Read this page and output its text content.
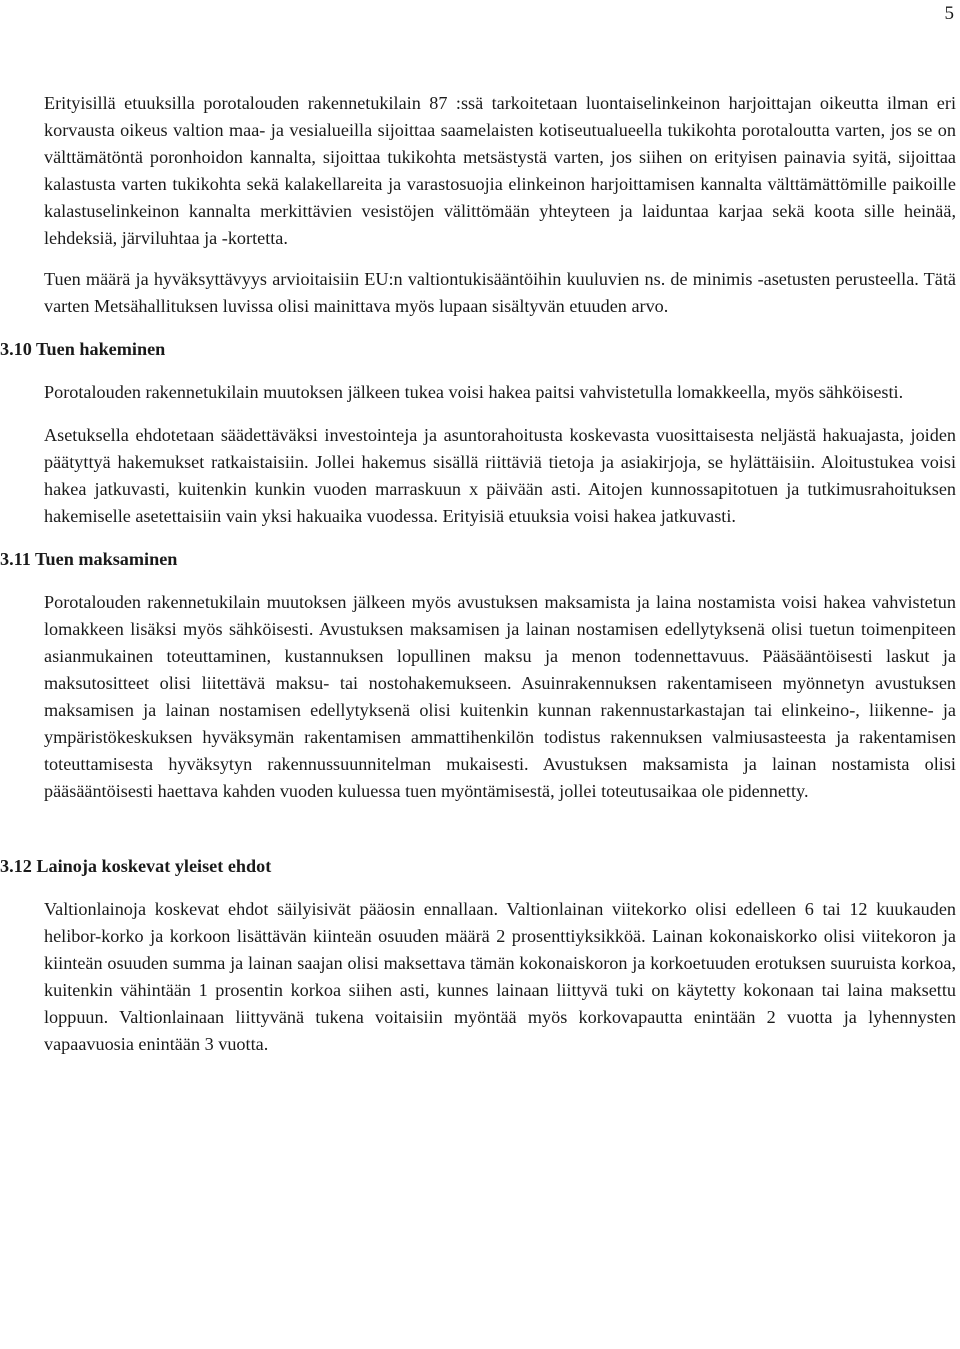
5

Erityisillä etuuksilla porotalouden rakennetukilain 87 :ssä tarkoitetaan luontaiselinkeinon harjoittajan oikeutta ilman eri korvausta oikeus valtion maa- ja vesialueilla sijoittaa saamelaisten kotiseutualueella tukikohta porotaloutta varten, jos se on välttämätöntä poronhoidon kannalta, sijoittaa tukikohta metsästystä varten, jos siihen on erityisen painavia syitä, sijoittaa kalastusta varten tukikohta sekä kalakellareita ja varastosuojia elinkeinon harjoittamisen kannalta välttämättömille paikoille kalastuselinkeinon kannalta merkittävien vesistöjen välittömään yhteyteen ja laiduntaa karjaa sekä koota sille heinää, lehdeksiä, järviluhtaa ja -kortetta.

Tuen määrä ja hyväksyttävyys arvioitaisiin EU:n valtiontukisääntöihin kuuluvien ns. de minimis -asetusten perusteella. Tätä varten Metsähallituksen luvissa olisi mainittava myös lupaan sisältyvän etuuden arvo.

3.10 Tuen hakeminen

Porotalouden rakennetukilain muutoksen jälkeen tukea voisi hakea paitsi vahvistetulla lomakkeella, myös sähköisesti.

Asetuksella ehdotetaan säädettäväksi investointeja ja asuntorahoitusta koskevasta vuosittaisesta neljästä hakuajasta, joiden päätyttyä hakemukset ratkaistaisiin. Jollei hakemus sisällä riittäviä tietoja ja asiakirjoja, se hylättäisiin. Aloitustukea voisi hakea jatkuvasti, kuitenkin kunkin vuoden marraskuun x päivään asti. Aitojen kunnossapitotuen ja tutkimusrahoituksen hakemiselle asetettaisiin vain yksi hakuaika vuodessa. Erityisiä etuuksia voisi hakea jatkuvasti.

3.11 Tuen maksaminen

Porotalouden rakennetukilain muutoksen jälkeen myös avustuksen maksamista ja laina nostamista voisi hakea vahvistetun lomakkeen lisäksi myös sähköisesti. Avustuksen maksamisen ja lainan nostamisen edellytyksenä olisi tuetun toimenpiteen asianmukainen toteuttaminen, kustannuksen lopullinen maksu ja menon todennettavuus. Pääsääntöisesti laskut ja maksutositteet olisi liitettävä maksu- tai nostohakemukseen. Asuinrakennuksen rakentamiseen myönnetyn avustuksen maksamisen ja lainan nostamisen edellytyksenä olisi kuitenkin kunnan rakennustarkastajan tai elinkeino-, liikenne- ja ympäristökeskuksen hyväksymän rakentamisen ammattihenkilön todistus rakennuksen valmiusasteesta ja rakentamisen toteuttamisesta hyväksytyn rakennussuunnitelman mukaisesti. Avustuksen maksamista ja lainan nostamista olisi pääsääntöisesti haettava kahden vuoden kuluessa tuen myöntämisestä, jollei toteutusaikaa ole pidennetty.

3.12 Lainoja koskevat yleiset ehdot

Valtionlainoja koskevat ehdot säilyisivät pääosin ennallaan. Valtionlainan viitekorko olisi edelleen 6 tai 12 kuukauden helibor-korko ja korkoon lisättävän kiinteän osuuden määrä 2 prosenttiyksikköä. Lainan kokonaiskorko olisi viitekoron ja kiinteän osuuden summa ja lainan saajan olisi maksettava tämän kokonaiskoron ja korkoetuuden erotuksen suuruista korkoa, kuitenkin vähintään 1 prosentin korkoa siihen asti, kunnes lainaan liittyvä tuki on käytetty kokonaan tai laina maksettu loppuun. Valtionlainaan liittyvänä tukena voitaisiin myöntää myös korkovapautta enintään 2 vuotta ja lyhennysten vapaavuosia enintään 3 vuotta.
